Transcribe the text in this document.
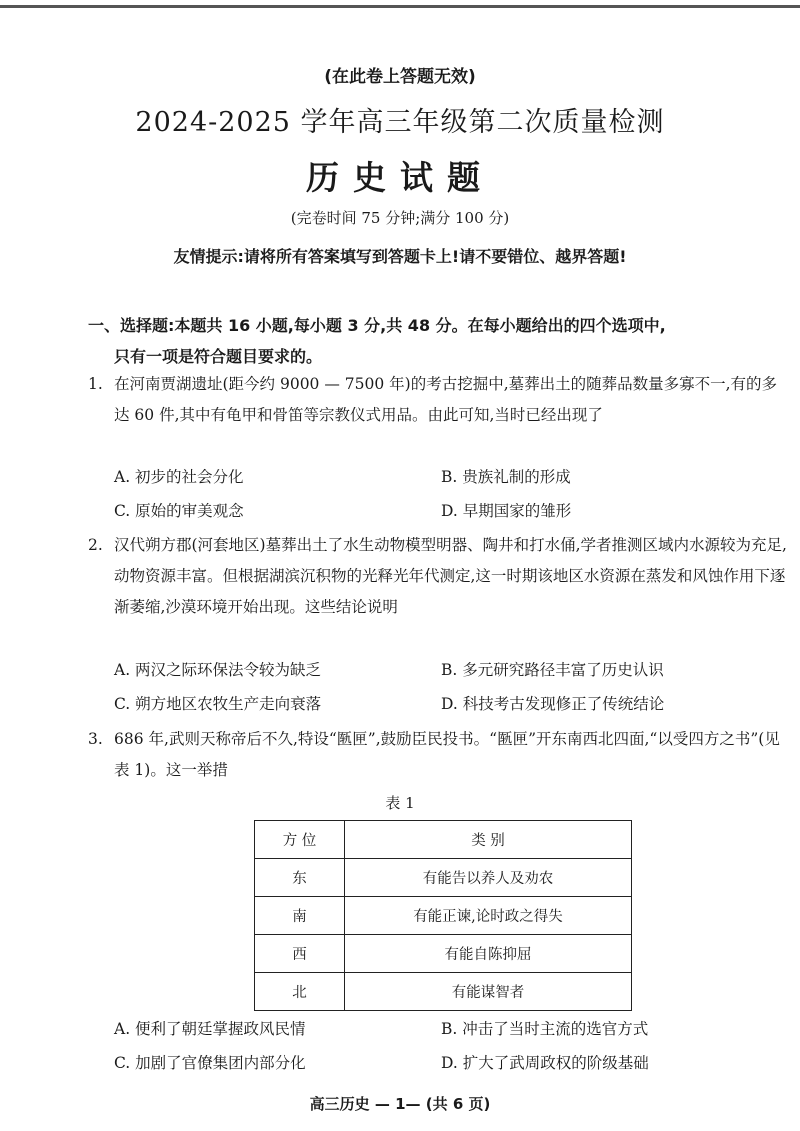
(在此卷上答题无效)
2024-2025 学年高三年级第二次质量检测
历史试题
(完卷时间 75 分钟;满分 100 分)
友情提示:请将所有答案填写到答题卡上!请不要错位、越界答题!
一、选择题:本题共 16 小题,每小题 3 分,共 48 分。在每小题给出的四个选项中,
只有一项是符合题目要求的。
1. 在河南贾湖遗址(距今约 9000 — 7500 年)的考古挖掘中,墓葬出土的随葬品数量多寡不一,有的多达 60 件,其中有龟甲和骨笛等宗教仪式用品。由此可知,当时已经出现了
A. 初步的社会分化	B. 贵族礼制的形成
C. 原始的审美观念	D. 早期国家的雏形
2. 汉代朔方郡(河套地区)墓葬出土了水生动物模型明器、陶井和打水俑,学者推测区域内水源较为充足,动物资源丰富。但根据湖滨沉积物的光释光年代测定,这一时期该地区水资源在蒸发和风蚀作用下逐渐萎缩,沙漠环境开始出现。这些结论说明
A. 两汉之际环保法令较为缺乏	B. 多元研究路径丰富了历史认识
C. 朔方地区农牧生产走向衰落	D. 科技考古发现修正了传统结论
3. 686 年,武则天称帝后不久,特设“匦匣”,鼓励臣民投书。“匦匣”开东南西北四面,“以受四方之书”(见表 1)。这一举措
表 1
方 位	类 别
东	有能告以养人及劝农
南	有能正谏,论时政之得失
西	有能自陈抑屈
北	有能谋智者
A. 便利了朝廷掌握政风民情	B. 冲击了当时主流的选官方式
C. 加剧了官僚集团内部分化	D. 扩大了武周政权的阶级基础
高三历史 — 1— (共 6 页)
